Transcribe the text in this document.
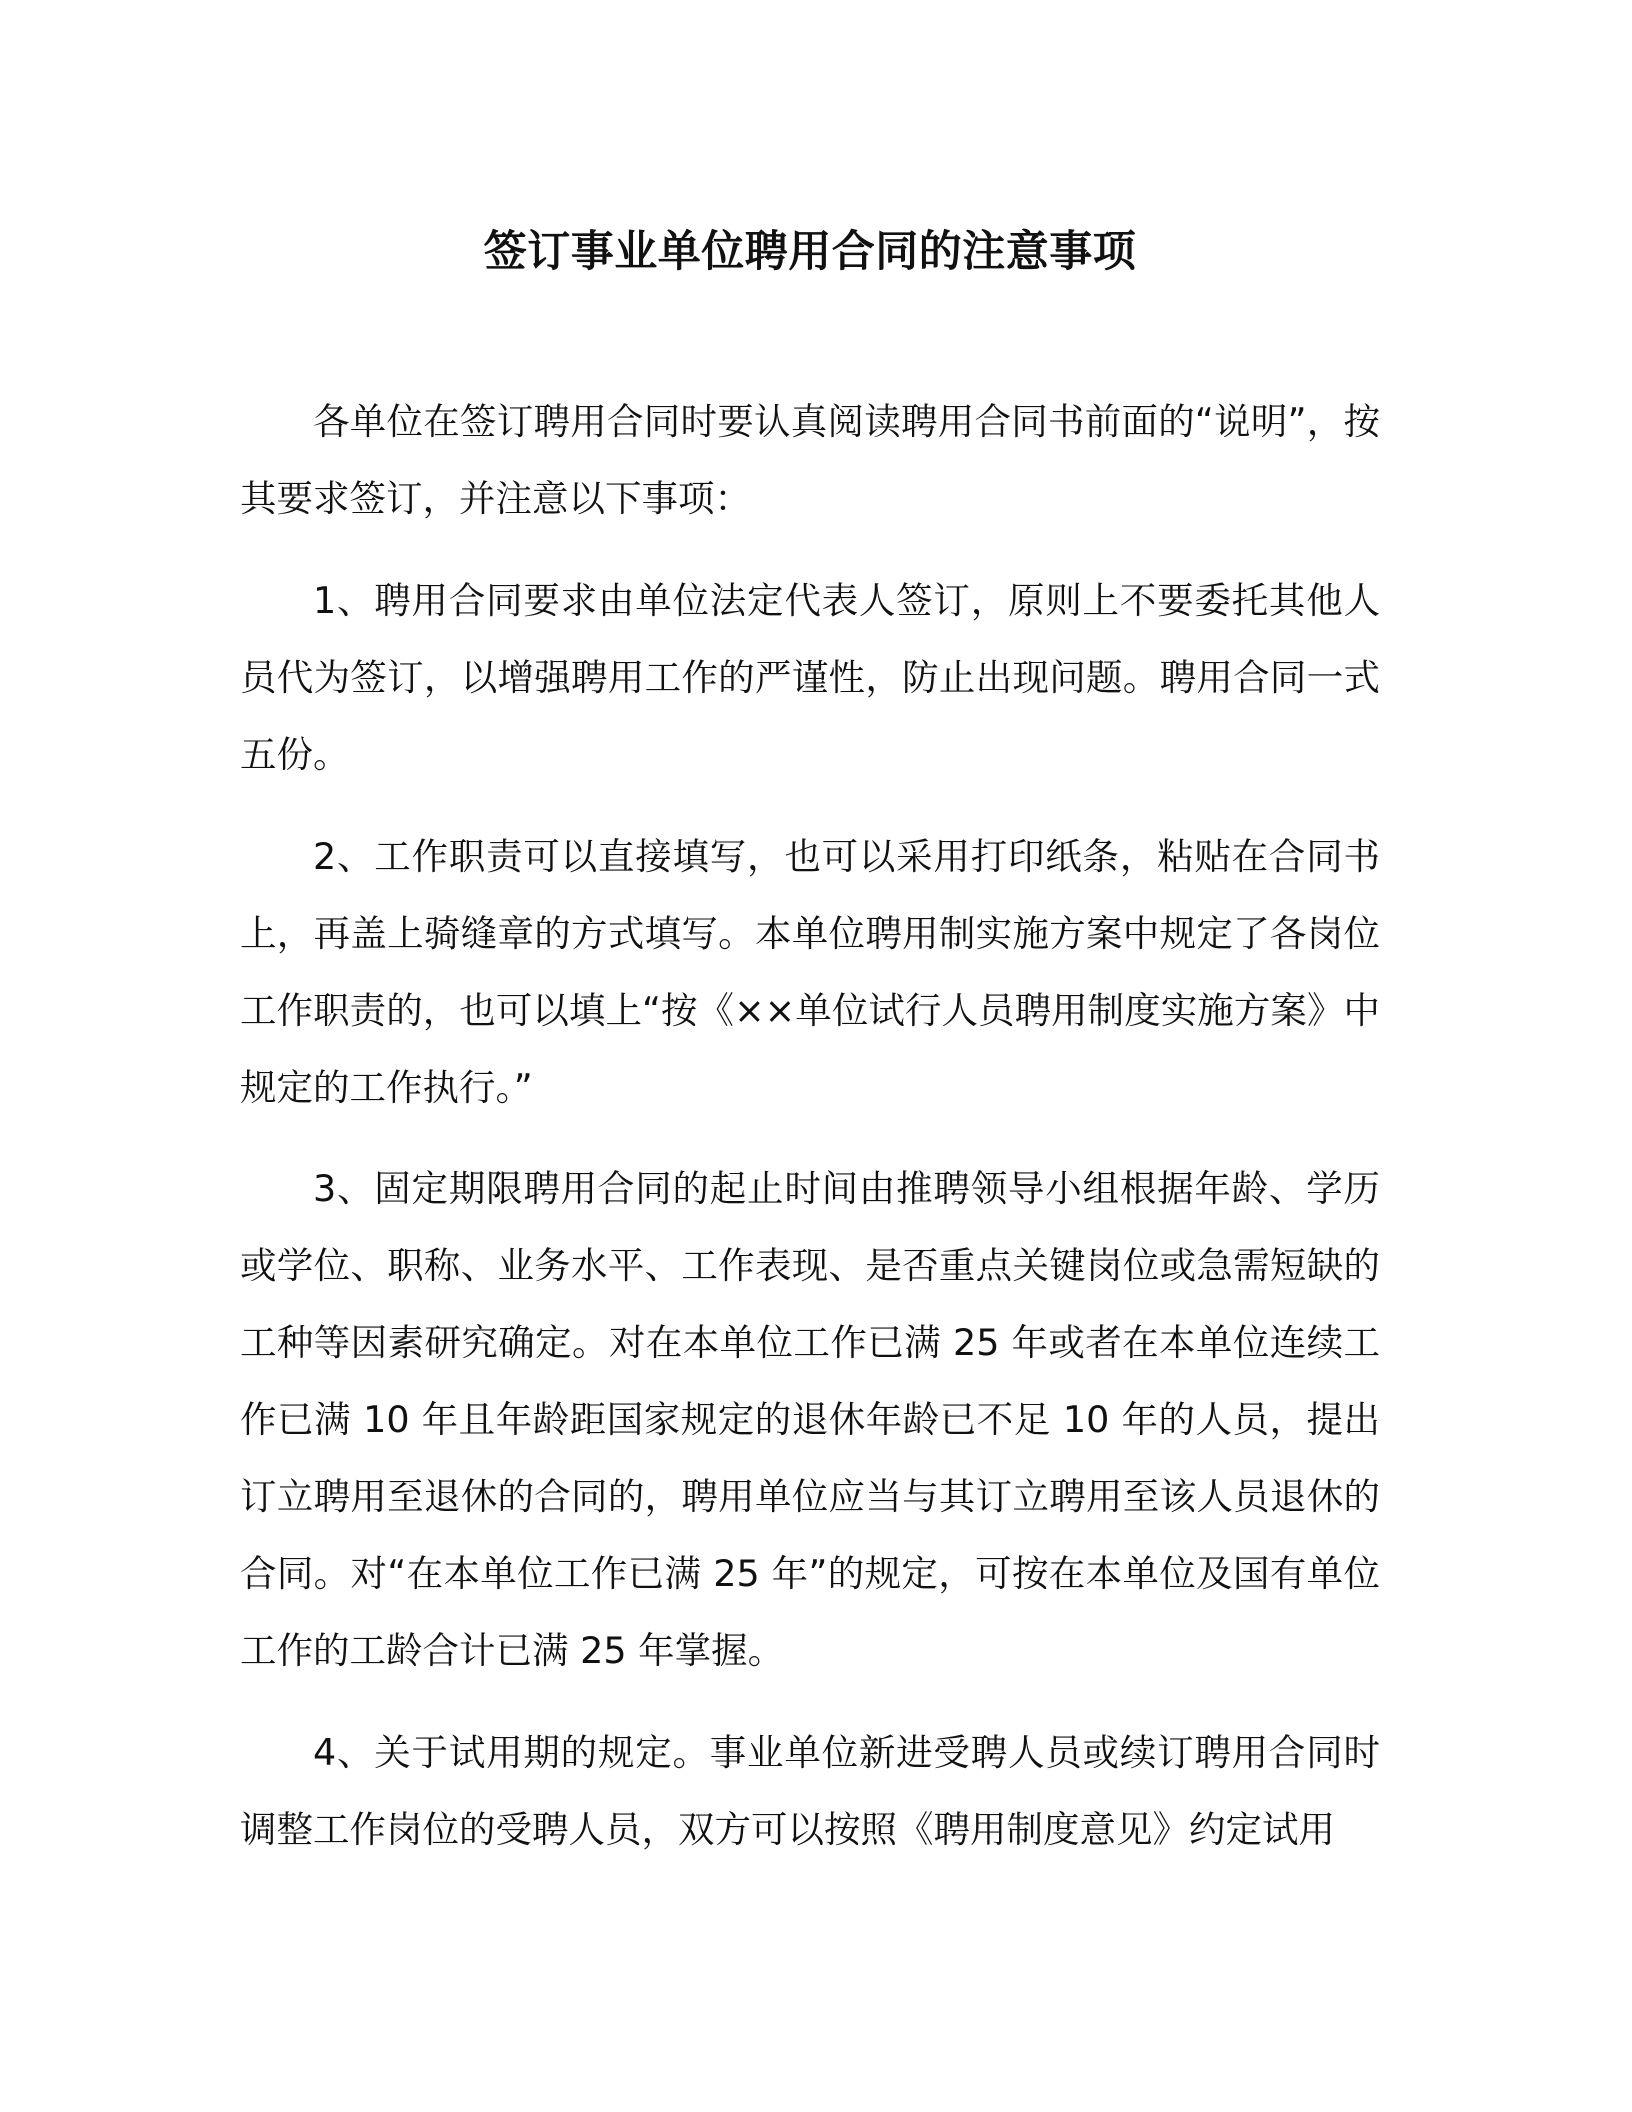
签订事业单位聘用合同的注意事项

各单位在签订聘用合同时要认真阅读聘用合同书前面的“说明”，按其要求签订，并注意以下事项：

1、聘用合同要求由单位法定代表人签订，原则上不要委托其他人员代为签订，以增强聘用工作的严谨性，防止出现问题。聘用合同一式五份。

2、工作职责可以直接填写，也可以采用打印纸条，粘贴在合同书上，再盖上骑缝章的方式填写。本单位聘用制实施方案中规定了各岗位工作职责的，也可以填上“按《××单位试行人员聘用制度实施方案》中规定的工作执行。”

3、固定期限聘用合同的起止时间由推聘领导小组根据年龄、学历或学位、职称、业务水平、工作表现、是否重点关键岗位或急需短缺的工种等因素研究确定。对在本单位工作已满 25 年或者在本单位连续工作已满 10 年且年龄距国家规定的退休年龄已不足 10 年的人员，提出订立聘用至退休的合同的，聘用单位应当与其订立聘用至该人员退休的合同。对“在本单位工作已满 25 年”的规定，可按在本单位及国有单位工作的工龄合计已满 25 年掌握。

4、关于试用期的规定。事业单位新进受聘人员或续订聘用合同时调整工作岗位的受聘人员，双方可以按照《聘用制度意见》约定试用
